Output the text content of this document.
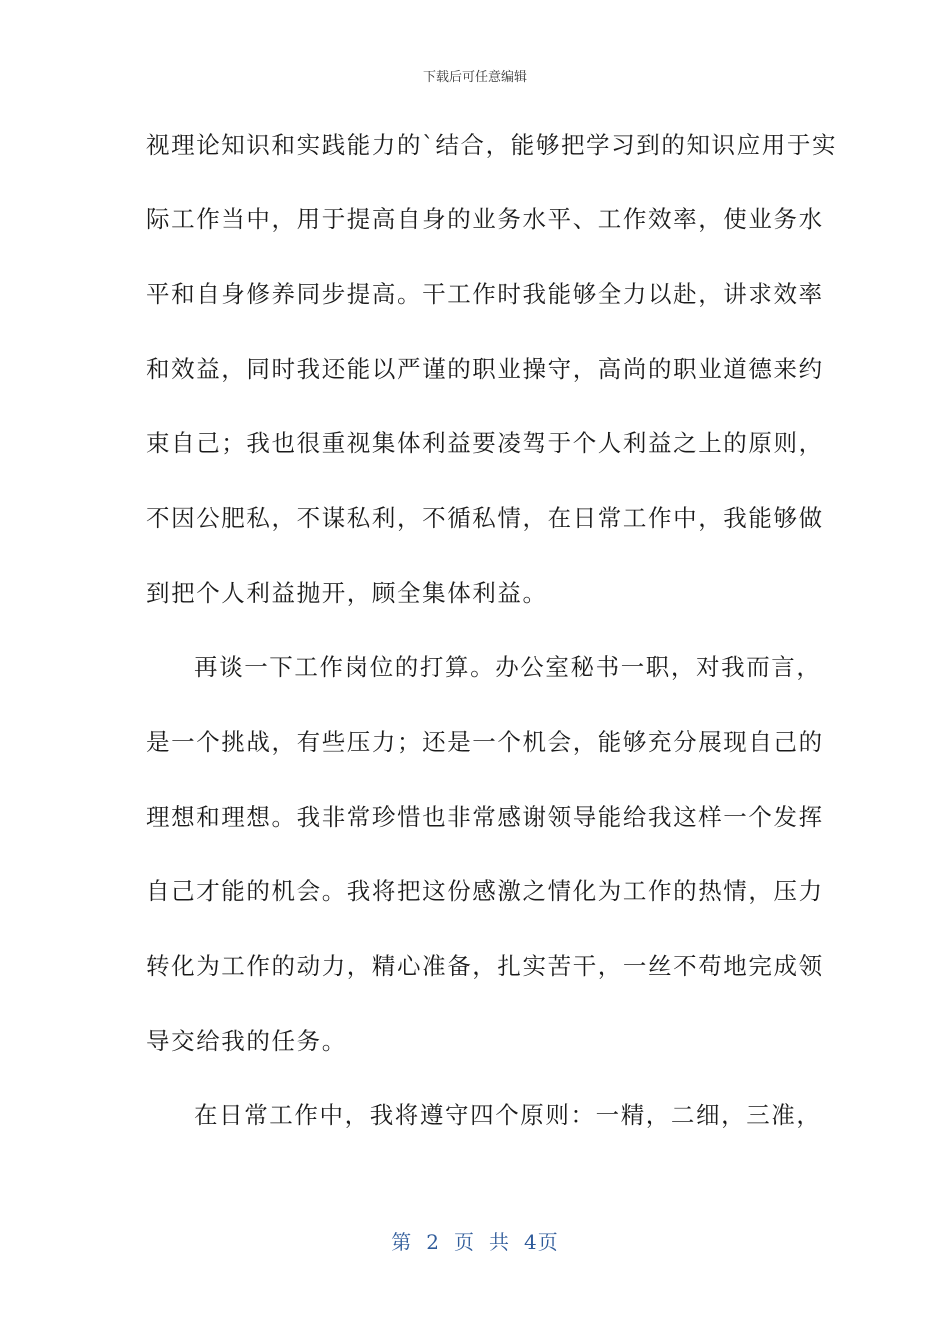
下载后可任意编辑
视理论知识和实践能力的`结合，能够把学习到的知识应用于实
际工作当中，用于提高自身的业务水平、工作效率，使业务水
平和自身修养同步提高。干工作时我能够全力以赴，讲求效率
和效益，同时我还能以严谨的职业操守，高尚的职业道德来约
束自己；我也很重视集体利益要凌驾于个人利益之上的原则，
不因公肥私，不谋私利，不循私情，在日常工作中，我能够做
到把个人利益抛开，顾全集体利益。
再谈一下工作岗位的打算。办公室秘书一职，对我而言，
是一个挑战，有些压力；还是一个机会，能够充分展现自己的
理想和理想。我非常珍惜也非常感谢领导能给我这样一个发挥
自己才能的机会。我将把这份感激之情化为工作的热情，压力
转化为工作的动力，精心准备，扎实苦干，一丝不苟地完成领
导交给我的任务。
在日常工作中，我将遵守四个原则：一精，二细，三准，
第 2 页 共 4页
